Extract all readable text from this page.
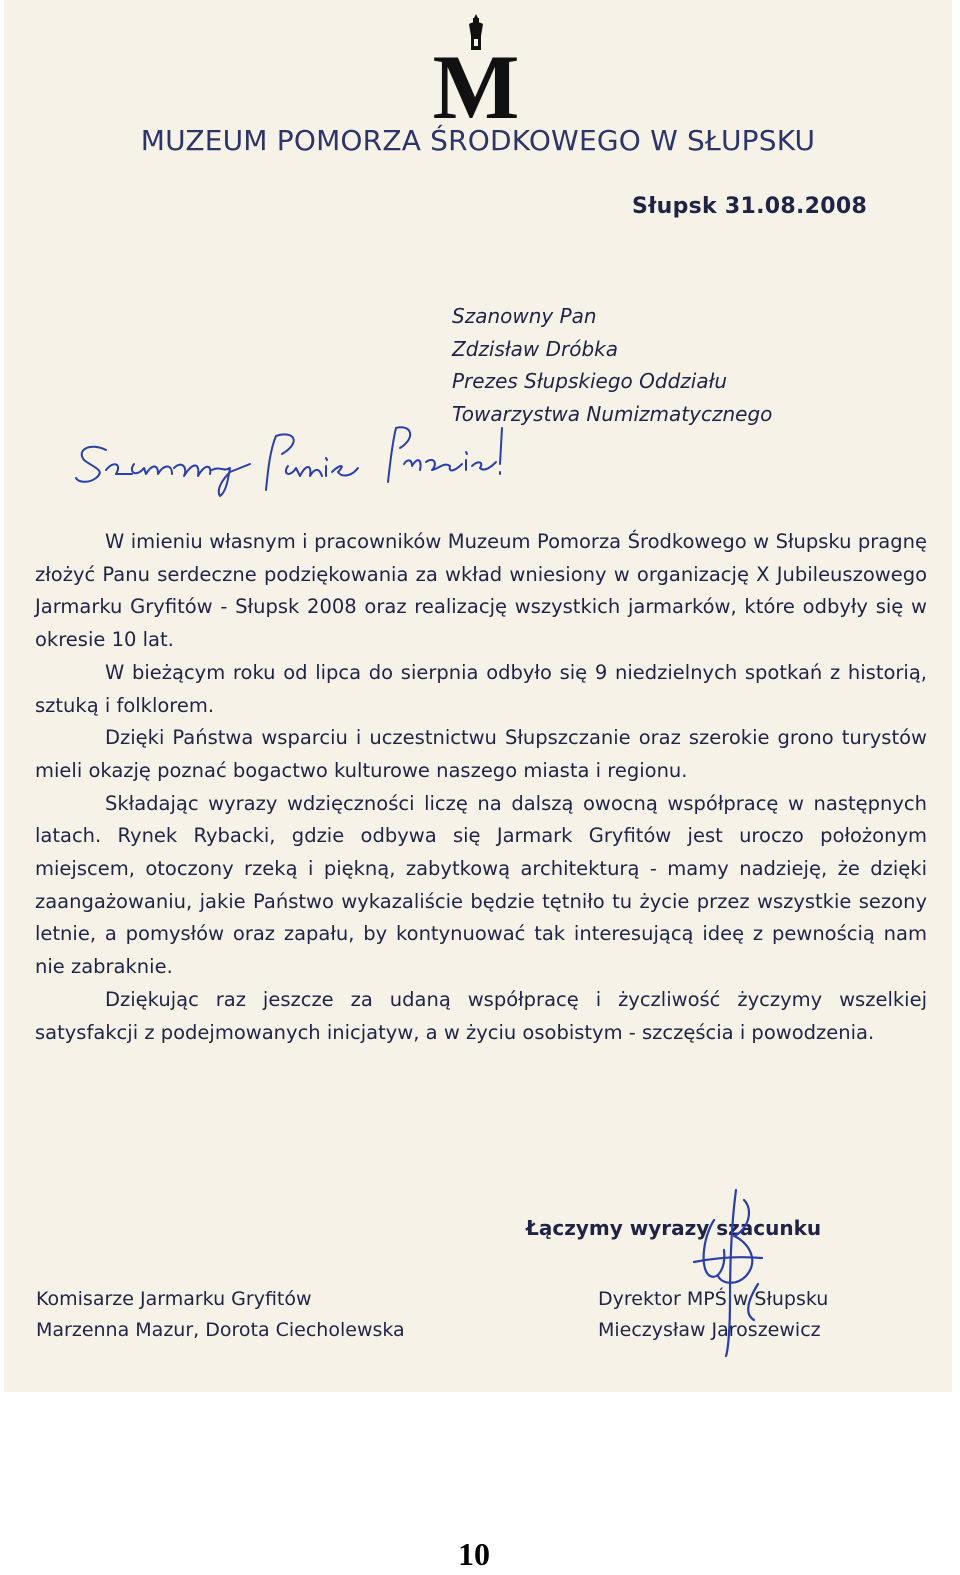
M
MUZEUM POMORZA ŚRODKOWEGO W SŁUPSKU
Słupsk 31.08.2008
Szanowny Pan
Zdzisław Dróbka
Prezes Słupskiego Oddziału
Towarzystwa Numizmatycznego

W imieniu własnym i pracowników Muzeum Pomorza Środkowego w Słupsku pragnę złożyć Panu serdeczne podziękowania za wkład wniesiony w organizację X Jubileuszowego Jarmarku Gryfitów - Słupsk 2008 oraz realizację wszystkich jarmarków, które odbyły się w okresie 10 lat.

W bieżącym roku od lipca do sierpnia odbyło się 9 niedzielnych spotkań z historią, sztuką i folklorem.

Dzięki Państwa wsparciu i uczestnictwu Słupszczanie oraz szerokie grono turystów mieli okazję poznać bogactwo kulturowe naszego miasta i regionu.

Składając wyrazy wdzięczności liczę na dalszą owocną współpracę w następnych latach. Rynek Rybacki, gdzie odbywa się Jarmark Gryfitów jest uroczo położonym miejscem, otoczony rzeką i piękną, zabytkową architekturą - mamy nadzieję, że dzięki zaangażowaniu, jakie Państwo wykazaliście będzie tętniło tu życie przez wszystkie sezony letnie, a pomysłów oraz zapału, by kontynuować tak interesującą ideę z pewnością nam nie zabraknie.

Dziękując raz jeszcze za udaną współpracę i życzliwość życzymy wszelkiej satysfakcji z podejmowanych inicjatyw, a w życiu osobistym - szczęścia i powodzenia.

Łączymy wyrazy szacunku
Komisarze Jarmarku Gryfitów
Marzenna Mazur, Dorota Ciecholewska
Dyrektor MPŚ w Słupsku
Mieczysław Jaroszewicz
10
